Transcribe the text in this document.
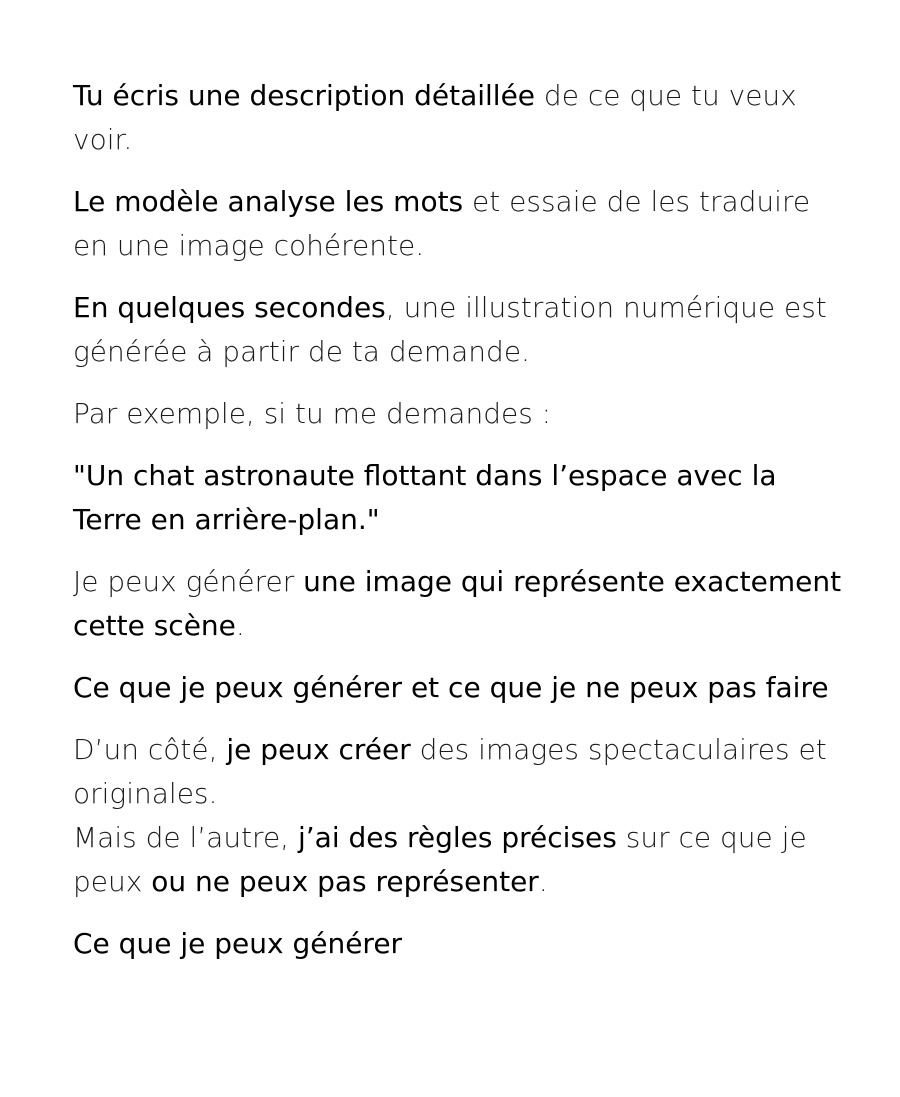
Tu écris une description détaillée de ce que tu veux voir.

Le modèle analyse les mots et essaie de les traduire en une image cohérente.

En quelques secondes, une illustration numérique est générée à partir de ta demande.

Par exemple, si tu me demandes :

"Un chat astronaute flottant dans l’espace avec la Terre en arrière-plan."

Je peux générer une image qui représente exactement cette scène.

Ce que je peux générer et ce que je ne peux pas faire

D’un côté, je peux créer des images spectaculaires et originales.
Mais de l’autre, j’ai des règles précises sur ce que je peux ou ne peux pas représenter.

Ce que je peux générer
